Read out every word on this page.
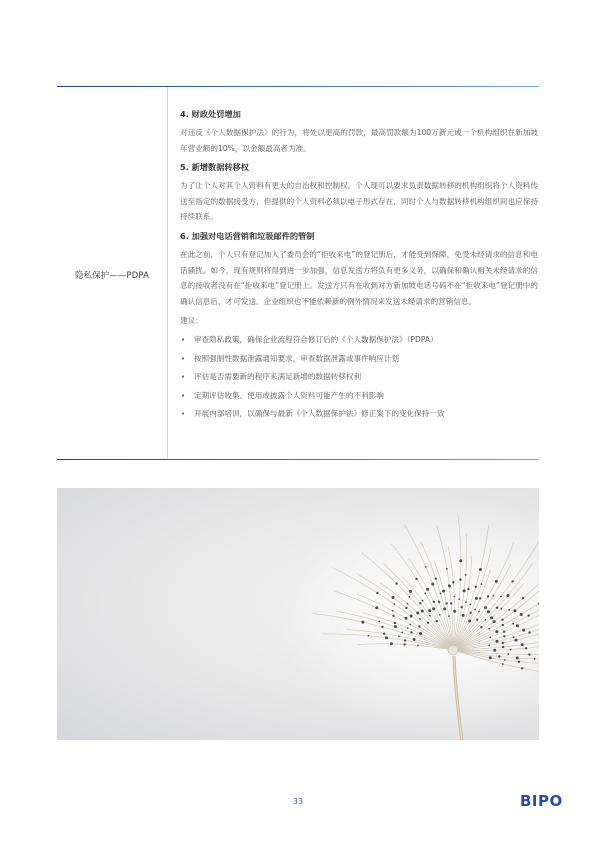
隐私保护——PDPA
4. 财政处罚增加

对违反《个人数据保护法》的行为，将处以更高的罚款，最高罚款额为100万新元或一个机构组织在新加坡年营业额的10%，以金额最高者为准。

5. 新增数据转移权

为了让个人对其个人资料有更大的自治权和控制权，个人现可以要求负责数据转移的机构组织将个人资料传送至指定的数据接受方，但提供的个人资料必须以电子形式存在，同时个人与数据转移机构组织间也应保持持续联系。

6. 加强对电话营销和垃圾邮件的管制

在此之前，个人只有登记加入了委员会的“拒收来电”的登记册后，才能受到保障，免受未经请求的信息和电话骚扰。如今，现有规则将得到进一步加强，信息发送方将负有更多义务，以确保和确认相关未经请求的信息的接收者没有在“拒收来电”登记册上。发送方只有在收到对方新加坡电话号码不在“拒收来电”登记册中的确认信息后，才可发送。企业组织也不能依赖新的例外情况来发送未经请求的营销信息。

建议：
• 审查隐私政策，确保企业流程符合修订后的《个人数据保护法》（PDPA）
• 按照强制性数据泄露通知要求，审查数据泄露或事件响应计划
• 评估是否需要新的程序来满足新增的数据转移权利
• 定期评估收集、使用或披露个人资料可能产生的不利影响
• 开展内部培训，以确保与最新《个人数据保护法》修正案下的变化保持一致
33	BIPO
